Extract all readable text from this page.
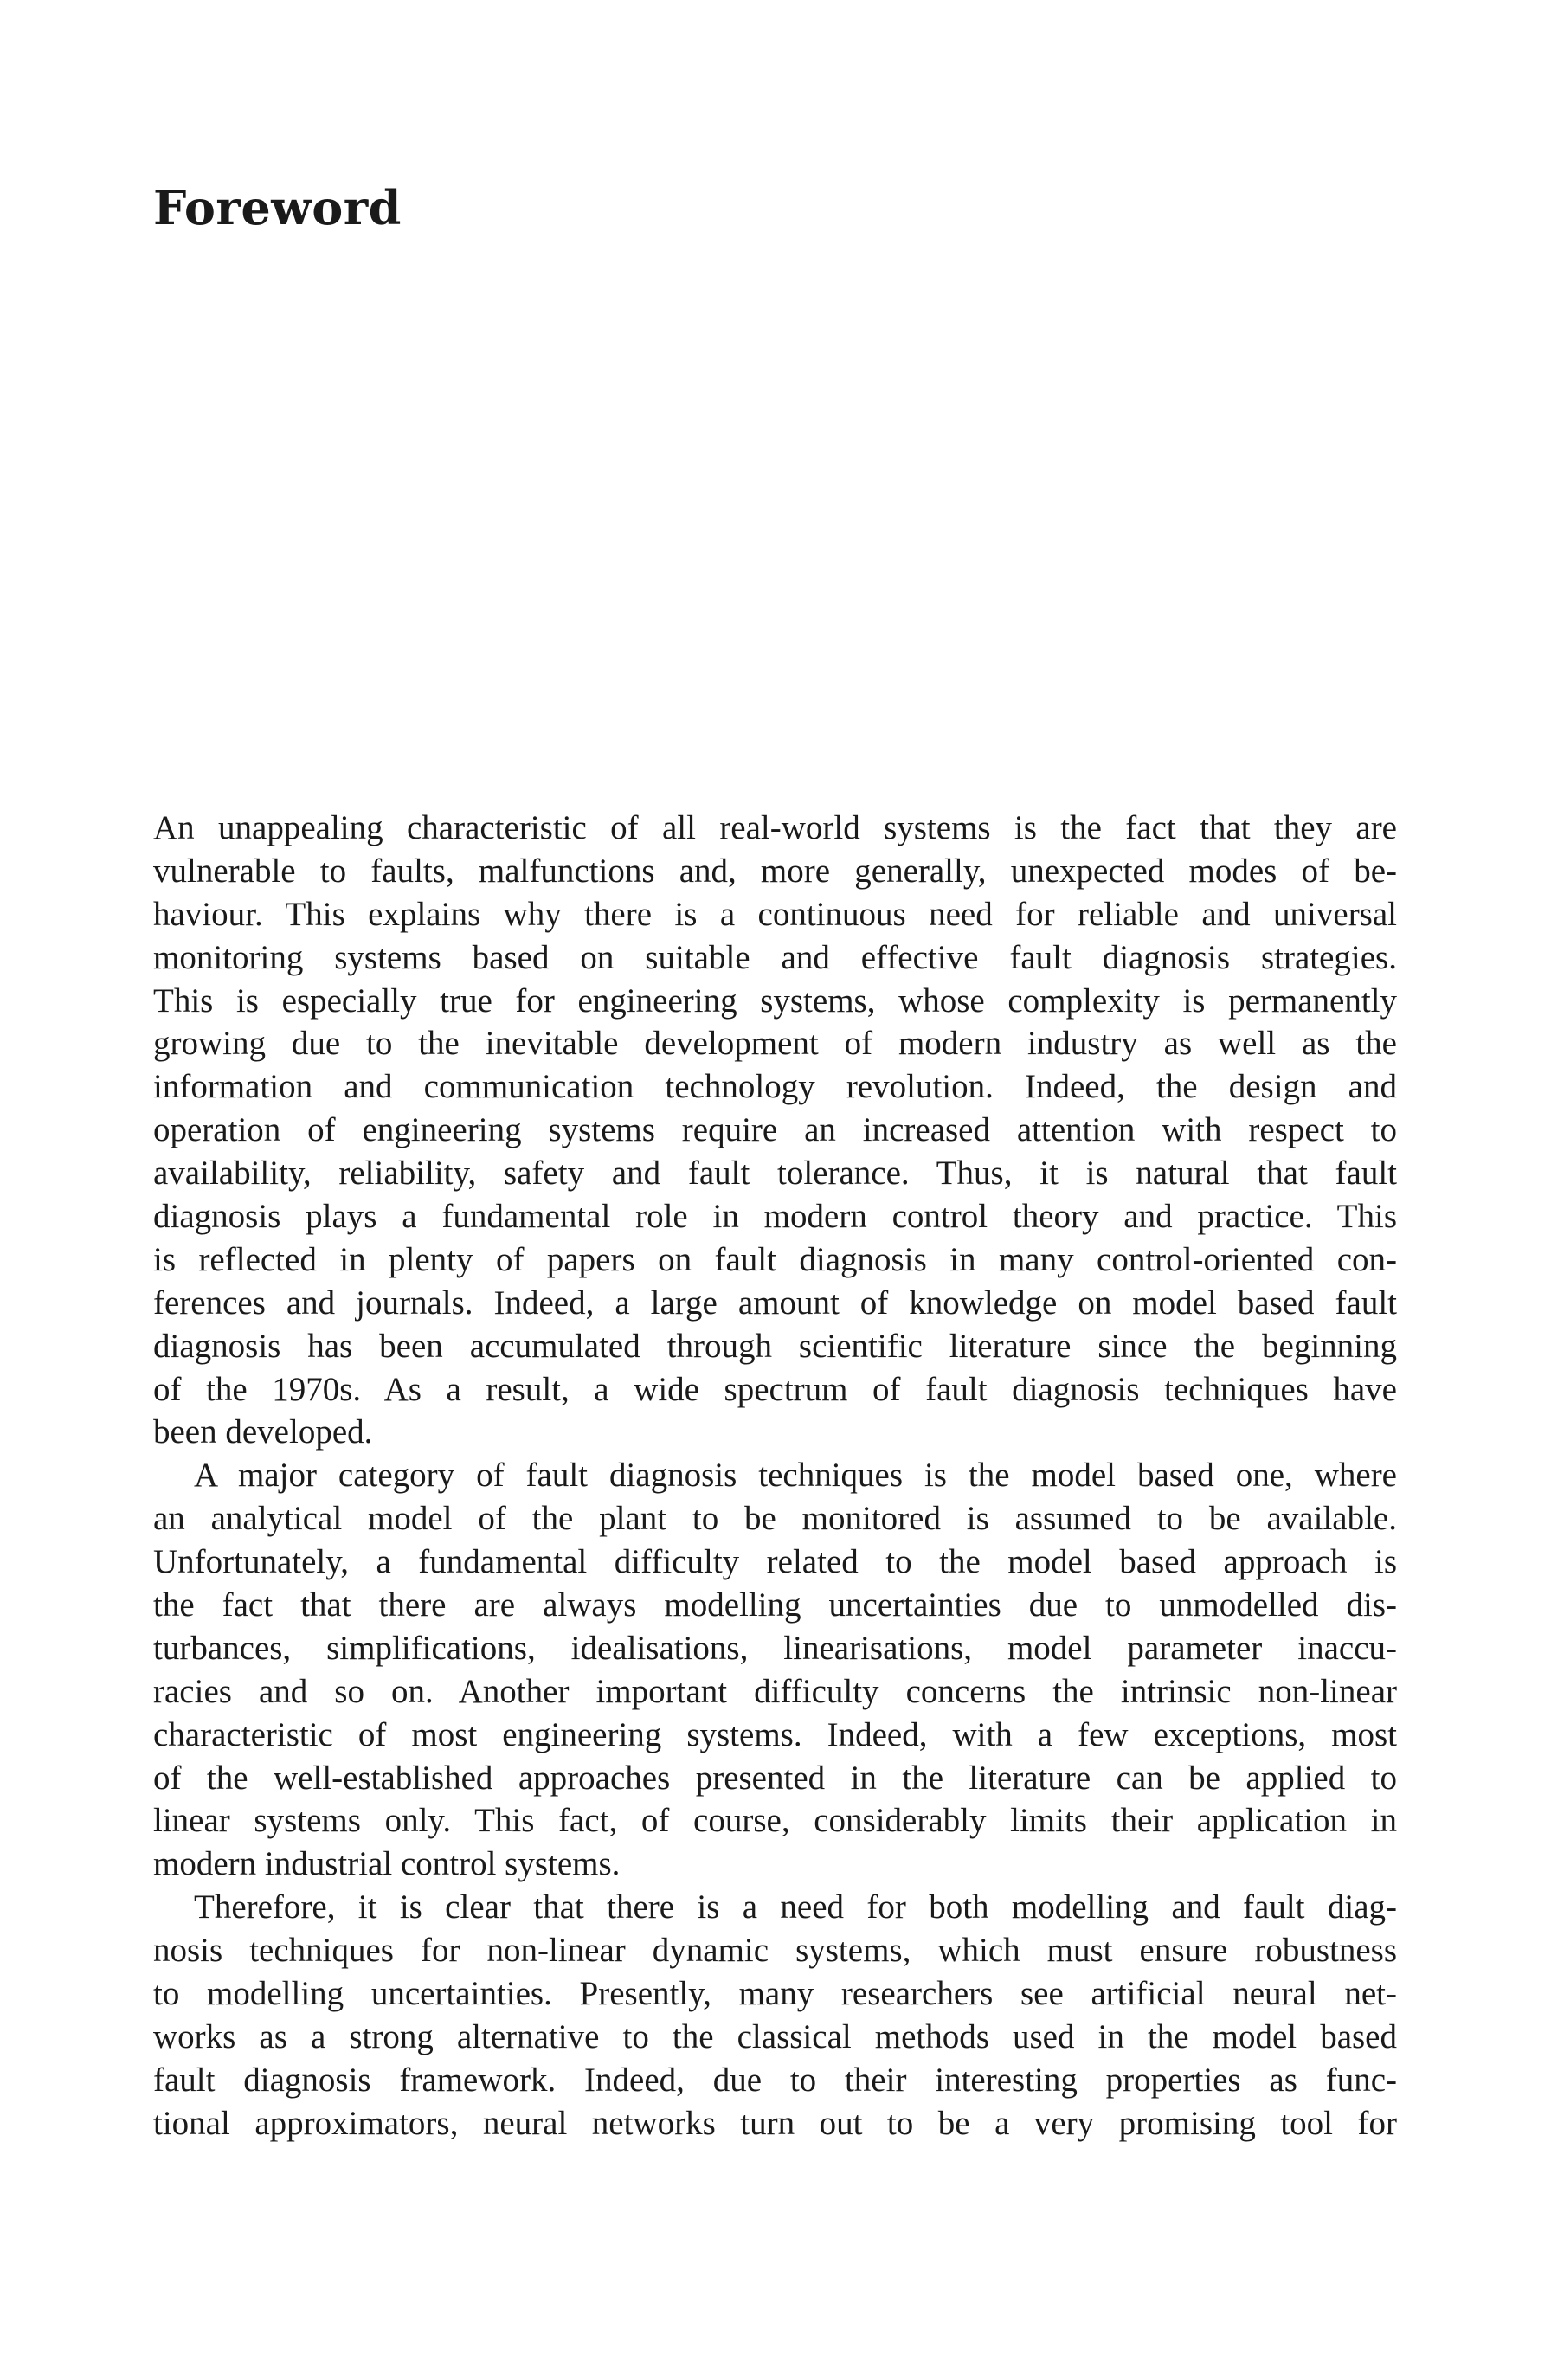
Foreword
An unappealing characteristic of all real-world systems is the fact that they are
vulnerable to faults, malfunctions and, more generally, unexpected modes of be-
haviour. This explains why there is a continuous need for reliable and universal
monitoring systems based on suitable and effective fault diagnosis strategies.
This is especially true for engineering systems, whose complexity is permanently
growing due to the inevitable development of modern industry as well as the
information and communication technology revolution. Indeed, the design and
operation of engineering systems require an increased attention with respect to
availability, reliability, safety and fault tolerance. Thus, it is natural that fault
diagnosis plays a fundamental role in modern control theory and practice. This
is reflected in plenty of papers on fault diagnosis in many control-oriented con-
ferences and journals. Indeed, a large amount of knowledge on model based fault
diagnosis has been accumulated through scientific literature since the beginning
of the 1970s. As a result, a wide spectrum of fault diagnosis techniques have
been developed.
A major category of fault diagnosis techniques is the model based one, where
an analytical model of the plant to be monitored is assumed to be available.
Unfortunately, a fundamental difficulty related to the model based approach is
the fact that there are always modelling uncertainties due to unmodelled dis-
turbances, simplifications, idealisations, linearisations, model parameter inaccu-
racies and so on. Another important difficulty concerns the intrinsic non-linear
characteristic of most engineering systems. Indeed, with a few exceptions, most
of the well-established approaches presented in the literature can be applied to
linear systems only. This fact, of course, considerably limits their application in
modern industrial control systems.
Therefore, it is clear that there is a need for both modelling and fault diag-
nosis techniques for non-linear dynamic systems, which must ensure robustness
to modelling uncertainties. Presently, many researchers see artificial neural net-
works as a strong alternative to the classical methods used in the model based
fault diagnosis framework. Indeed, due to their interesting properties as func-
tional approximators, neural networks turn out to be a very promising tool for
